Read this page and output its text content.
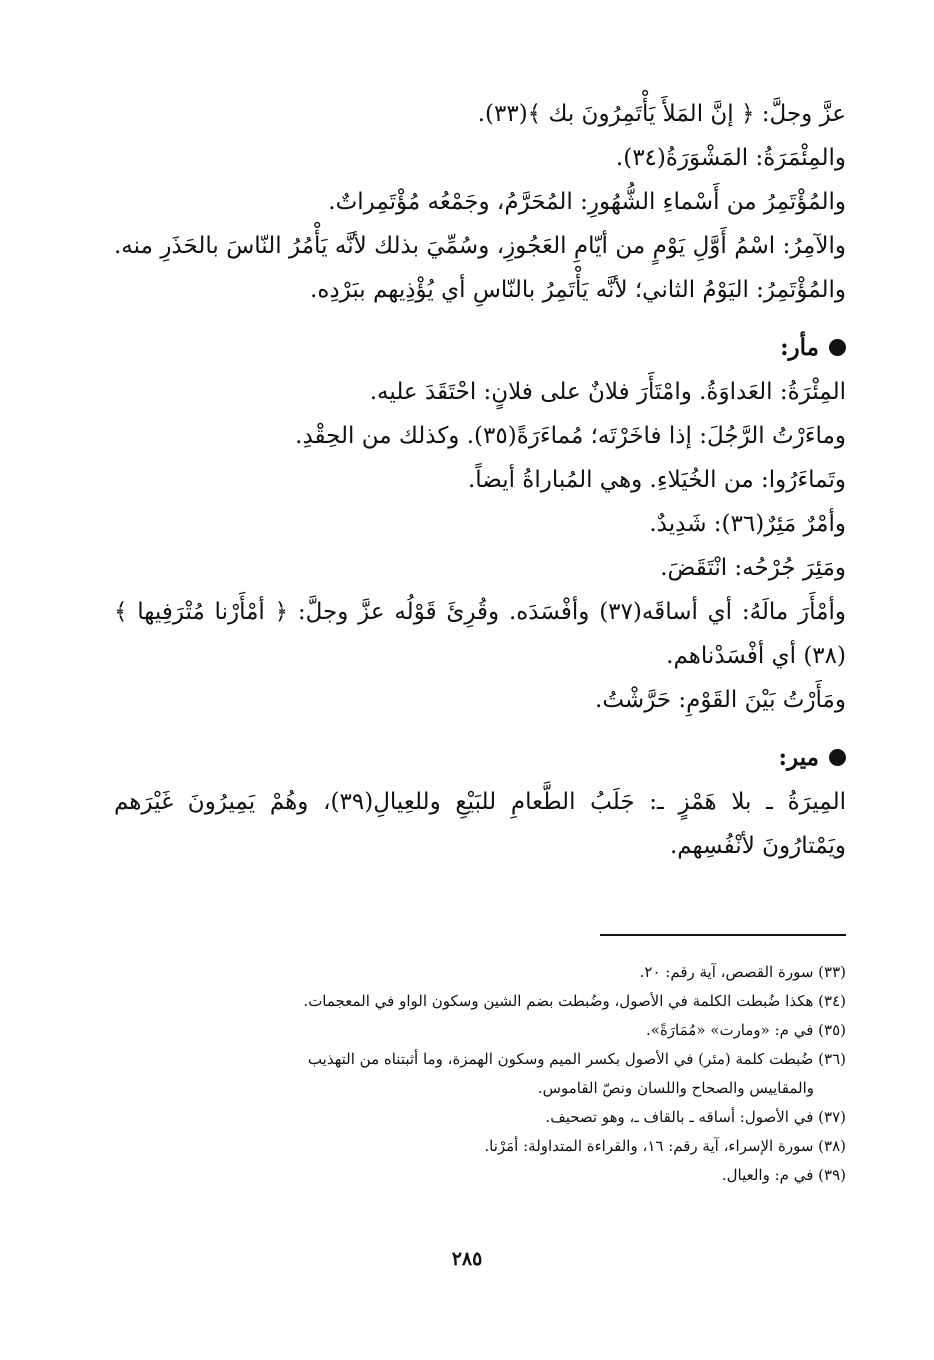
عزَّ وجلَّ: ﴿ إنَّ المَلأَ يَأْتَمِرُونَ بك ﴾(٣٣).

والمِئْمَرَةُ: المَشْوَرَةُ(٣٤).

والمُؤْتَمِرُ من أَسْماءِ الشُّهُورِ: المُحَرَّمُ، وجَمْعُه مُؤْتَمِراتٌ.

والآمِرُ: اسْمُ أَوَّلِ يَوْمٍ من أيّامِ العَجُوزِ، وسُمِّيَ بذلك لأنَّه يَأْمُرُ النّاسَ بالحَذَرِ منه. والمُؤْتَمِرُ: اليَوْمُ الثاني؛ لأنَّه يَأْتَمِرُ بالنّاسِ أي يُؤْذِيهم ببَرْدِه.

مأر:

المِئْرَةُ: العَداوَةُ. وامْتَأَرَ فلانٌ على فلانٍ: احْتَقَدَ عليه.

وماءَرْتُ الرَّجُلَ: إذا فاخَرْتَه؛ مُماءَرَةً(٣٥). وكذلك من الحِقْدِ.

وتَماءَرُوا: من الخُيَلاءِ. وهي المُباراةُ أيضاً.

وأمْرٌ مَئِرٌ(٣٦): شَدِيدٌ.

ومَئِرَ جُرْحُه: انْتَقَضَ.

وأمْأَرَ مالَهُ: أي أساقَه(٣٧) وأفْسَدَه. وقُرِئَ قَوْلُه عزَّ وجلَّ: ﴿ أمْأَرْنا مُتْرَفِيها ﴾(٣٨) أي أفْسَدْناهم.

ومَأَرْتُ بَيْنَ القَوْمِ: حَرَّشْتُ.

مير:

المِيرَةُ ـ بلا هَمْزٍ ـ: جَلَبُ الطَّعامِ للبَيْعِ وللعِيالِ(٣٩)، وهُمْ يَمِيرُونَ غَيْرَهم ويَمْتارُونَ لأنْفُسِهم.

(٣٣) سورة القصص، آية رقم: ٢٠.

(٣٤) هكذا ضُبطت الكلمة في الأصول، وضُبطت بضم الشين وسكون الواو في المعجمات.

(٣٥) في م: «ومارت» «مُمَارَةً».

(٣٦) ضُبطت كلمة (مئر) في الأصول بكسر الميم وسكون الهمزة، وما أثبتناه من التهذيب

والمقاييس والصحاح واللسان ونصّ القاموس.

(٣٧) في الأصول: أساقه ـ بالقاف ـ، وهو تصحيف.

(٣٨) سورة الإسراء، آية رقم: ١٦، والقراءة المتداولة: أمَرْنا.

(٣٩) في م: والعيال.

٢٨٥
